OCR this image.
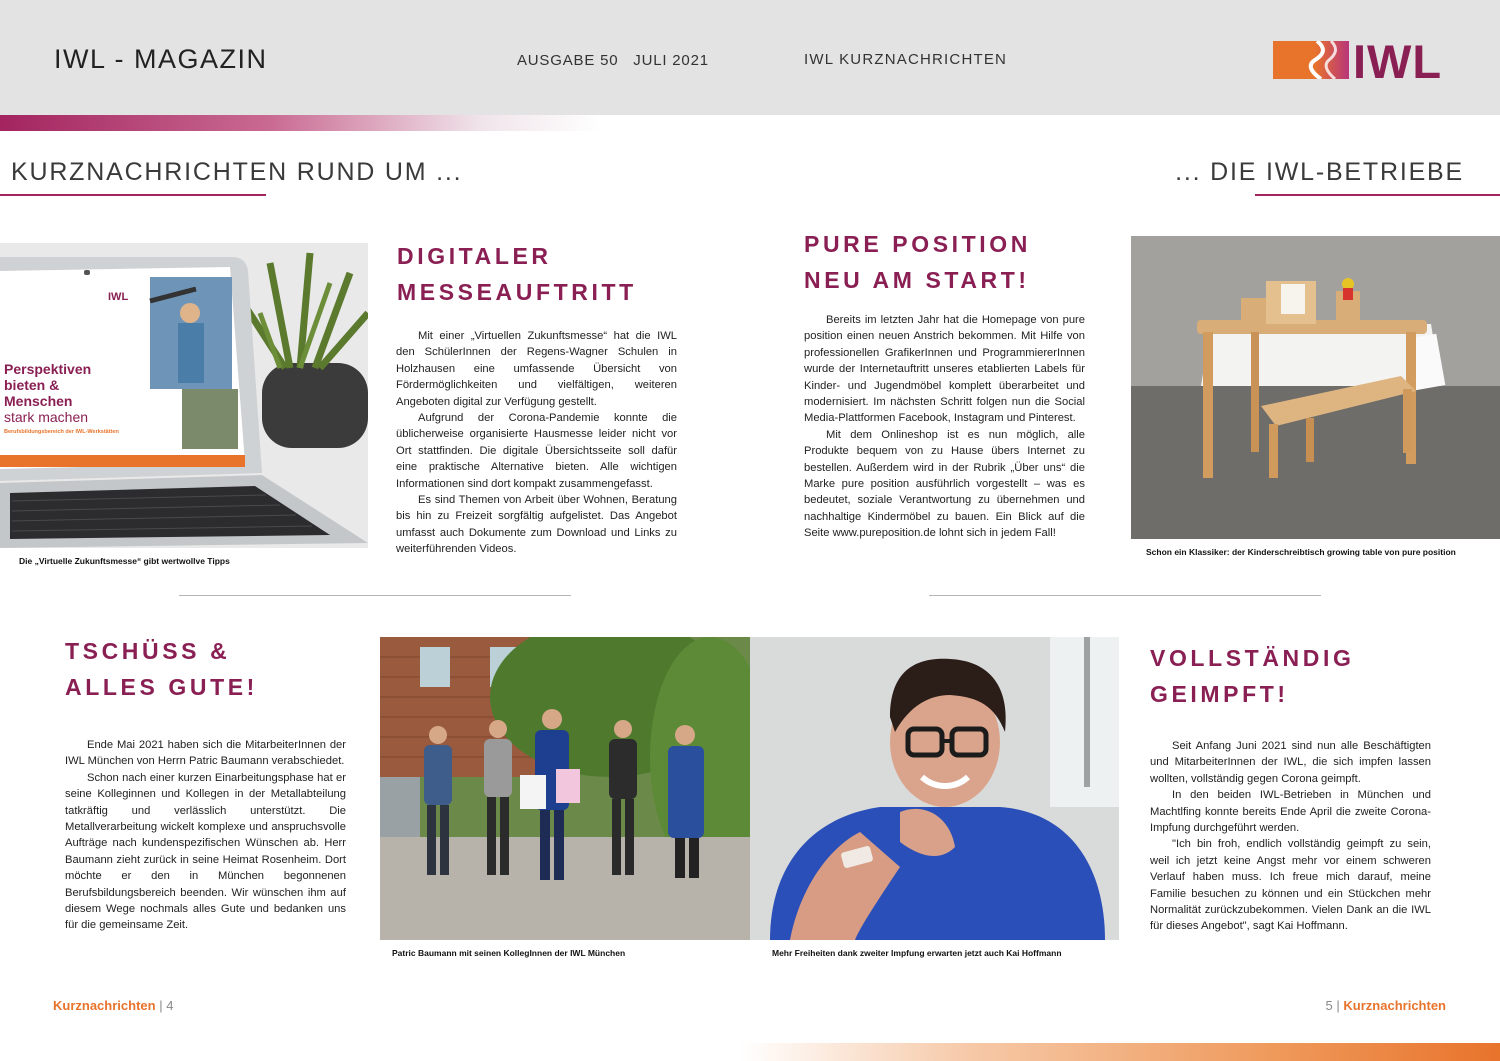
IWL - MAGAZIN	AUSGABE 50   JULI 2021	IWL KURZNACHRICHTEN	IWL
KURZNACHRICHTEN RUND UM ...	... DIE IWL-BETRIEBE
IWL
Perspektiven
bieten &
Menschen
stark machen
Berufsbildungsbereich der IWL-Werkstätten
Die „Virtuelle Zukunftsmesse“ gibt wertwollve Tipps
DIGITALER
MESSEAUFTRITT

Mit einer „Virtuellen Zukunftsmesse“ hat die IWL den SchülerInnen der Regens-Wagner Schulen in Holzhausen eine umfassende Übersicht von Fördermöglichkeiten und vielfältigen, weiteren Angeboten digital zur Verfügung gestellt.

Aufgrund der Corona-Pandemie konnte die üblicherweise organisierte Hausmesse leider nicht vor Ort stattfinden. Die digitale Übersichtsseite soll dafür eine praktische Alternative bieten. Alle wichtigen Informationen sind dort kompakt zusammengefasst.

Es sind Themen von Arbeit über Wohnen, Beratung bis hin zu Freizeit sorgfältig aufgelistet. Das Angebot umfasst auch Dokumente zum Download und Links zu weiterführenden Videos.

PURE POSITION
NEU AM START!

Bereits im letzten Jahr hat die Homepage von pure position einen neuen Anstrich bekommen. Mit Hilfe von professionellen GrafikerInnen und ProgrammiererInnen wurde der Internetauftritt unseres etablierten Labels für Kinder- und Jugendmöbel komplett überarbeitet und modernisiert. Im nächsten Schritt folgen nun die Social Media-Plattformen Facebook, Instagram und Pinterest.

Mit dem Onlineshop ist es nun möglich, alle Produkte bequem von zu Hause übers Internet zu bestellen. Außerdem wird in der Rubrik „Über uns“ die Marke pure position ausführlich vorgestellt – was es bedeutet, soziale Verantwortung zu übernehmen und nachhaltige Kindermöbel zu bauen. Ein Blick auf die Seite www.pureposition.de lohnt sich in jedem Fall!

Schon ein Klassiker: der Kinderschreibtisch growing table von pure position
TSCHÜSS &
ALLES GUTE!

Ende Mai 2021 haben sich die MitarbeiterInnen der IWL München von Herrn Patric Baumann verabschiedet.

Schon nach einer kurzen Einarbeitungsphase hat er seine Kolleginnen und Kollegen in der Metallabteilung tatkräftig und verlässlich unterstützt. Die Metallverarbeitung wickelt komplexe und anspruchsvolle Aufträge nach kundenspezifischen Wünschen ab. Herr Baumann zieht zurück in seine Heimat Rosenheim. Dort möchte er den in München begonnenen Berufsbildungsbereich beenden. Wir wünschen ihm auf diesem Wege nochmals alles Gute und bedanken uns für die gemeinsame Zeit.

Patric Baumann mit seinen KollegInnen der IWL München	Mehr Freiheiten dank zweiter Impfung erwarten jetzt auch Kai Hoffmann
VOLLSTÄNDIG
GEIMPFT!

Seit Anfang Juni 2021 sind nun alle Beschäftigten und MitarbeiterInnen der IWL, die sich impfen lassen wollten, vollständig gegen Corona geimpft.

In den beiden IWL-Betrieben in München und Machtlfing konnte bereits Ende April die zweite Corona-Impfung durchgeführt werden.

"Ich bin froh, endlich vollständig geimpft zu sein, weil ich jetzt keine Angst mehr vor einem schweren Verlauf haben muss. Ich freue mich darauf, meine Familie besuchen zu können und ein Stückchen mehr Normalität zurückzubekommen. Vielen Dank an die IWL für dieses Angebot", sagt Kai Hoffmann.

Kurznachrichten | 4	5 | Kurznachrichten
